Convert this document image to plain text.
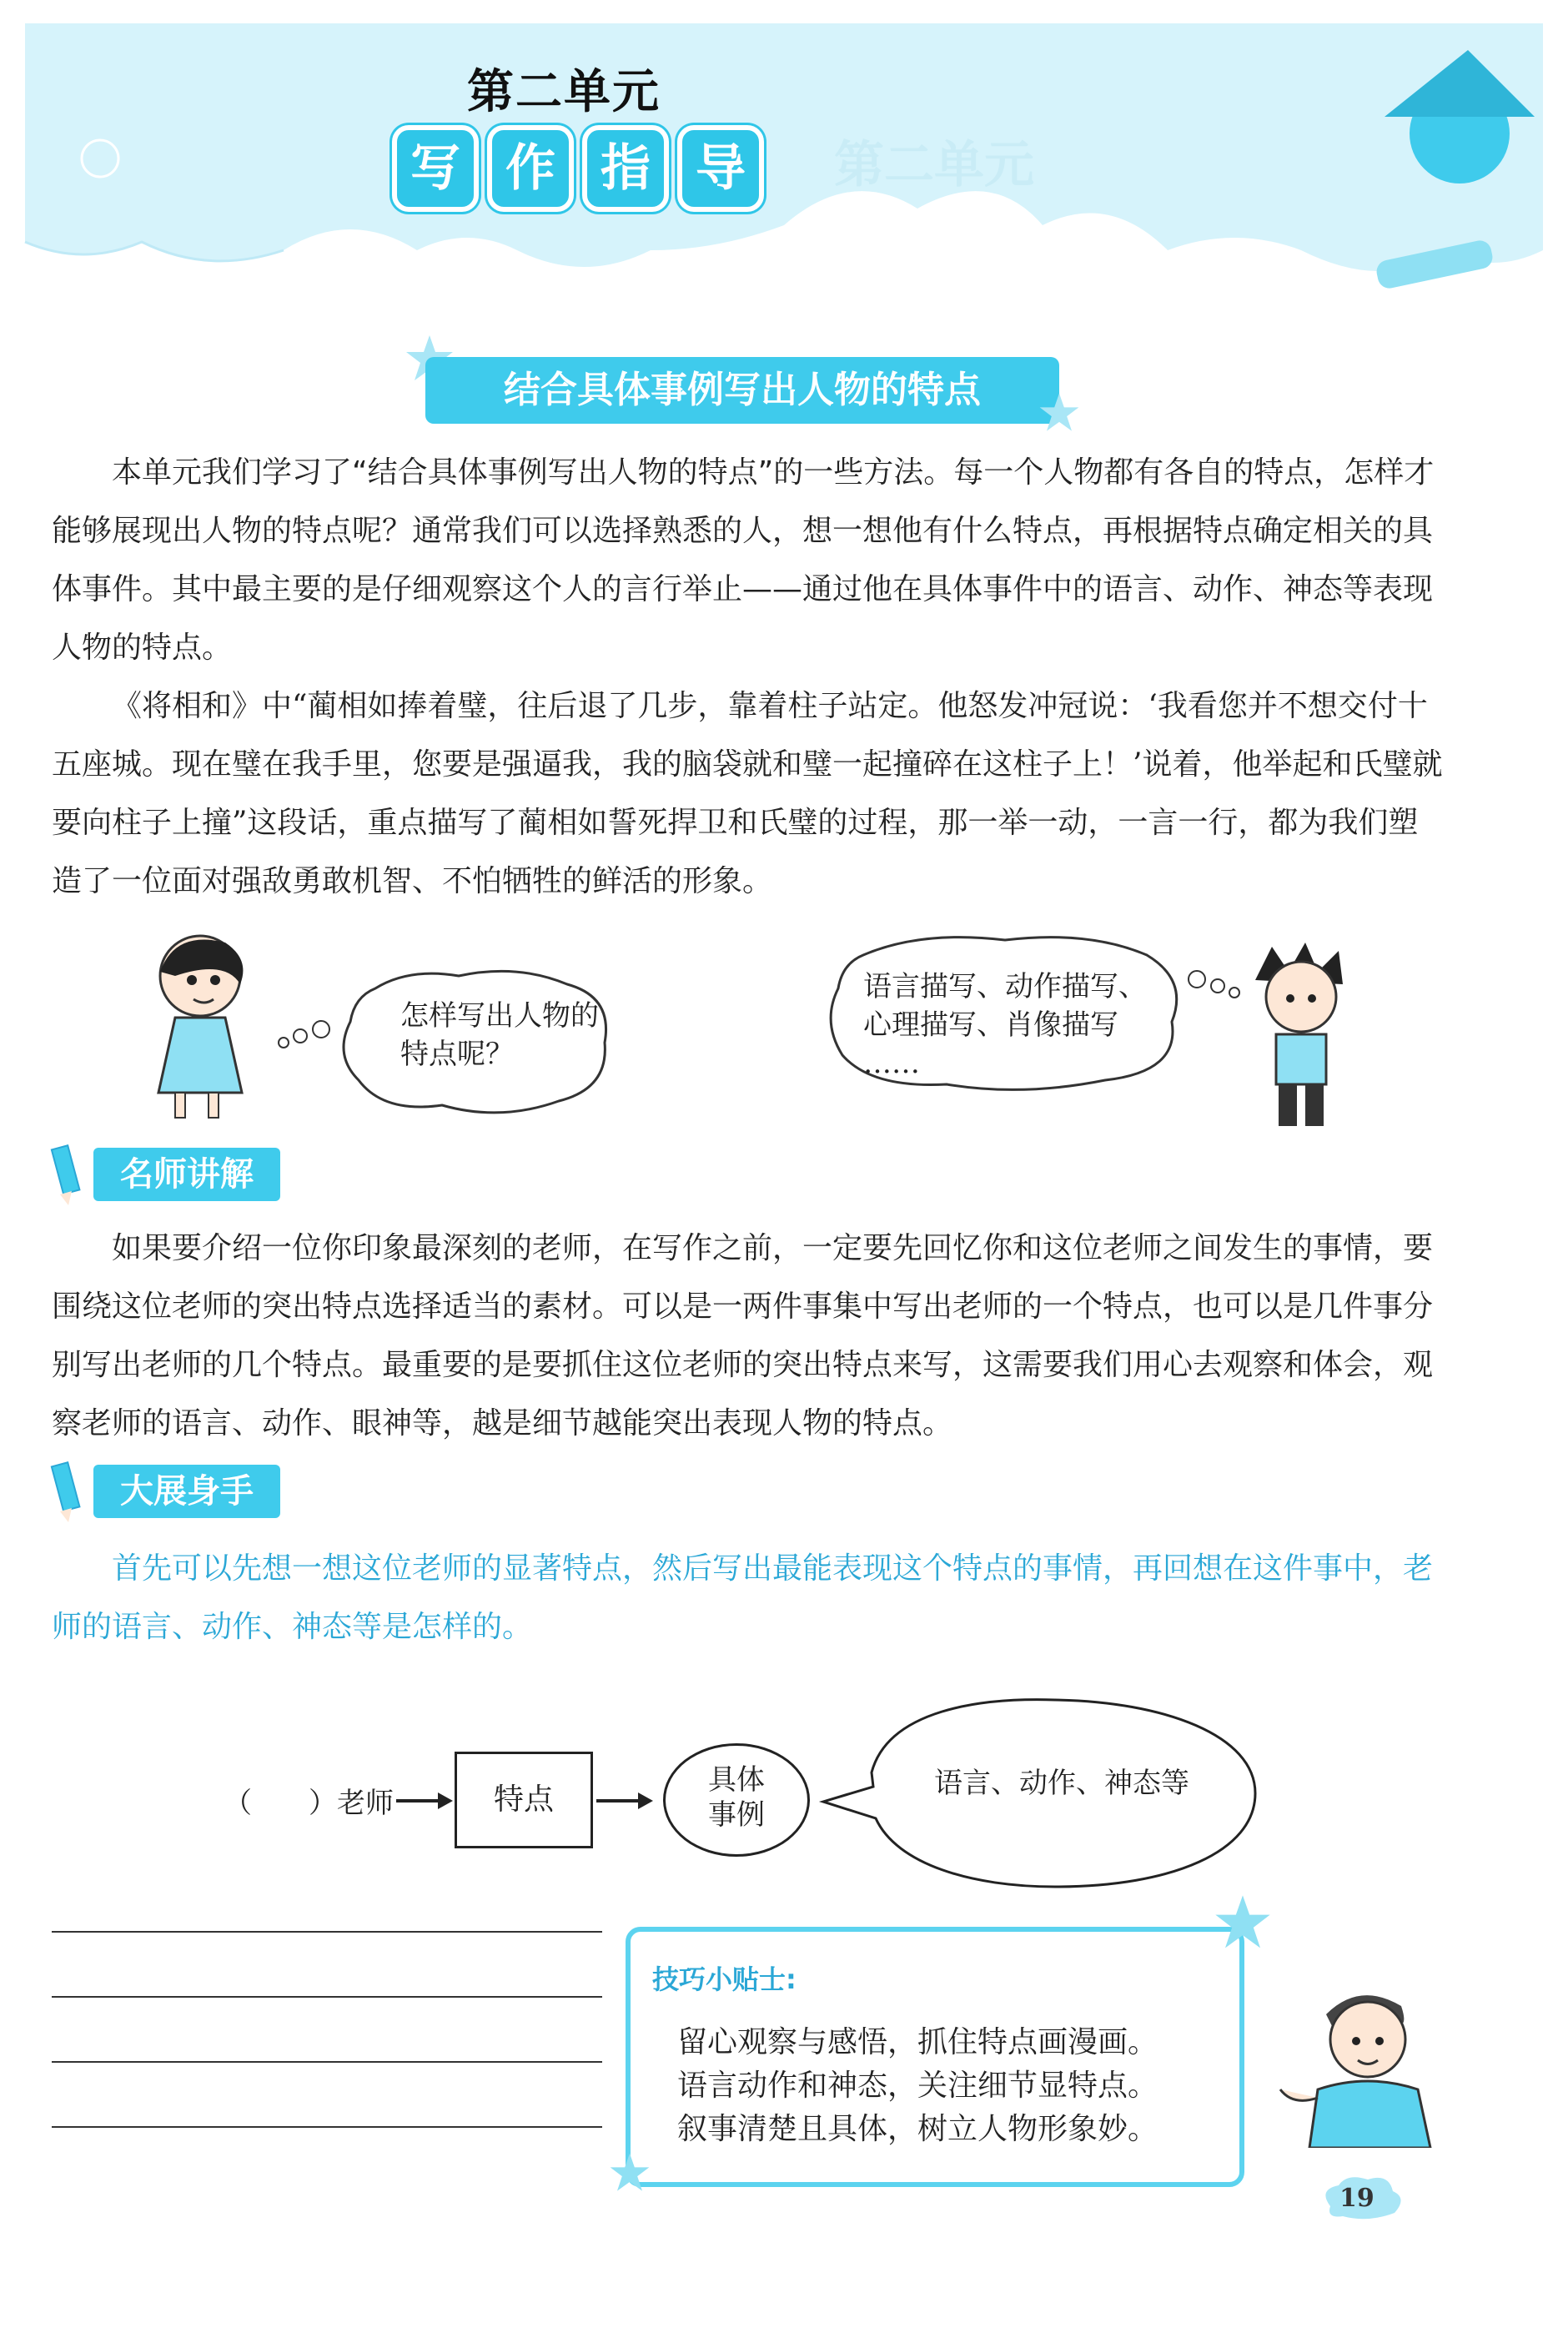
第二单元
第二单元
写 作 指 导
结合具体事例写出人物的特点
本单元我们学习了“结合具体事例写出人物的特点”的一些方法。每一个人物都有各自的特点，怎样才能够展现出人物的特点呢？通常我们可以选择熟悉的人，想一想他有什么特点，再根据特点确定相关的具体事件。其中最主要的是仔细观察这个人的言行举止——通过他在具体事件中的语言、动作、神态等表现人物的特点。
《将相和》中“蔺相如捧着璧，往后退了几步，靠着柱子站定。他怒发冲冠说：‘我看您并不想交付十五座城。现在璧在我手里，您要是强逼我，我的脑袋就和璧一起撞碎在这柱子上！’说着，他举起和氏璧就要向柱子上撞”这段话，重点描写了蔺相如誓死捍卫和氏璧的过程，那一举一动，一言一行，都为我们塑造了一位面对强敌勇敢机智、不怕牺牲的鲜活的形象。
怎样写出人物的特点呢？
语言描写、动作描写、
心理描写、肖像描写
……
名师讲解
如果要介绍一位你印象最深刻的老师，在写作之前，一定要先回忆你和这位老师之间发生的事情，要围绕这位老师的突出特点选择适当的素材。可以是一两件事集中写出老师的一个特点，也可以是几件事分别写出老师的几个特点。最重要的是要抓住这位老师的突出特点来写，这需要我们用心去观察和体会，观察老师的语言、动作、眼神等，越是细节越能突出表现人物的特点。
大展身手
首先可以先想一想这位老师的显著特点，然后写出最能表现这个特点的事情，再回想在这件事中，老师的语言、动作、神态等是怎样的。
（　　）老师	特点
具体
事例
语言、动作、神态等
技巧小贴士:
留心观察与感悟，抓住特点画漫画。
语言动作和神态，关注细节显特点。
叙事清楚且具体，树立人物形象妙。
19
